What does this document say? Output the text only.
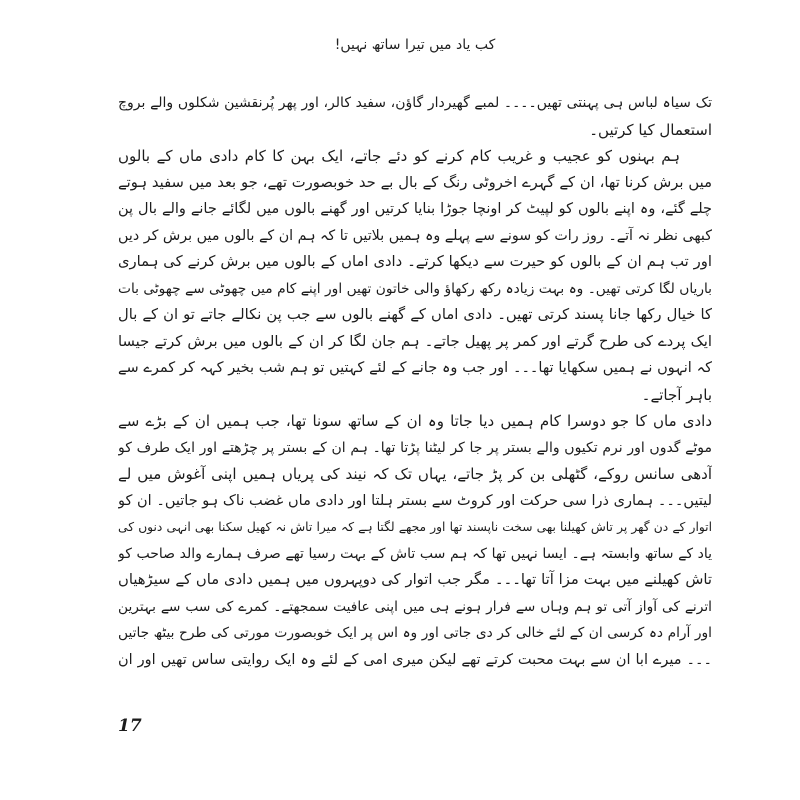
کب یاد میں تیرا ساتھ نہیں!
تک سیاہ لباس ہی پہنتی تھیں۔۔۔۔ لمبے گھیردار گاؤن، سفید کالر، اور پھر پُرنقشین شکلوں والے بروچ
استعمال کیا کرتیں۔
ہم بہنوں کو عجیب و غریب کام کرنے کو دئے جاتے، ایک بہن کا کام دادی ماں کے بالوں
میں برش کرنا تھا، ان کے گہرے اخروٹی رنگ کے بال بے حد خوبصورت تھے، جو بعد میں سفید ہوتے
چلے گئے، وہ اپنے بالوں کو لپیٹ کر اونچا جوڑا بنایا کرتیں اور گھنے بالوں میں لگائے جانے والے بال پن
کبھی نظر نہ آتے۔ روز رات کو سونے سے پہلے وہ ہمیں بلاتیں تا کہ ہم ان کے بالوں میں برش کر دیں
اور تب ہم ان کے بالوں کو حیرت سے دیکھا کرتے۔ دادی اماں کے بالوں میں برش کرنے کی ہماری
باریاں لگا کرتی تھیں۔ وہ بہت زیادہ رکھ رکھاؤ والی خاتون تھیں اور اپنے کام میں چھوٹی سے چھوٹی بات
کا خیال رکھا جانا پسند کرتی تھیں۔ دادی اماں کے گھنے بالوں سے جب پن نکالے جاتے تو ان کے بال
ایک پردے کی طرح گرتے اور کمر پر پھیل جاتے۔ ہم جان لگا کر ان کے بالوں میں برش کرتے جیسا
کہ انہوں نے ہمیں سکھایا تھا۔۔۔ اور جب وہ جانے کے لئے کہتیں تو ہم شب بخیر کہہ کر کمرے سے
باہر آجاتے۔
دادی ماں کا جو دوسرا کام ہمیں دیا جاتا وہ ان کے ساتھ سونا تھا، جب ہمیں ان کے بڑے سے
موٹے گدوں اور نرم تکیوں والے بستر پر جا کر لیٹنا پڑتا تھا۔ ہم ان کے بستر پر چڑھتے اور ایک طرف کو
آدھی سانس روکے، گٹھلی بن کر پڑ جاتے، یہاں تک کہ نیند کی پریاں ہمیں اپنی آغوش میں لے
لیتیں۔۔۔ ہماری ذرا سی حرکت اور کروٹ سے بستر ہلتا اور دادی ماں غضب ناک ہو جاتیں۔ ان کو
اتوار کے دن گھر پر تاش کھیلنا بھی سخت ناپسند تھا اور مجھے لگتا ہے کہ میرا تاش نہ کھیل سکنا بھی انہی دنوں کی
یاد کے ساتھ وابستہ ہے۔ ایسا نہیں تھا کہ ہم سب تاش کے بہت رسیا تھے صرف ہمارے والد صاحب کو
تاش کھیلنے میں بہت مزا آتا تھا۔۔۔ مگر جب اتوار کی دوپہروں میں ہمیں دادی ماں کے سیڑھیاں
اترنے کی آواز آتی تو ہم وہاں سے فرار ہونے ہی میں اپنی عافیت سمجھتے۔ کمرے کی سب سے بہترین
اور آرام دہ کرسی ان کے لئے خالی کر دی جاتی اور وہ اس پر ایک خوبصورت مورتی کی طرح بیٹھ جاتیں
۔۔۔ میرے ابا ان سے بہت محبت کرتے تھے لیکن میری امی کے لئے وہ ایک روایتی ساس تھیں اور ان
17
